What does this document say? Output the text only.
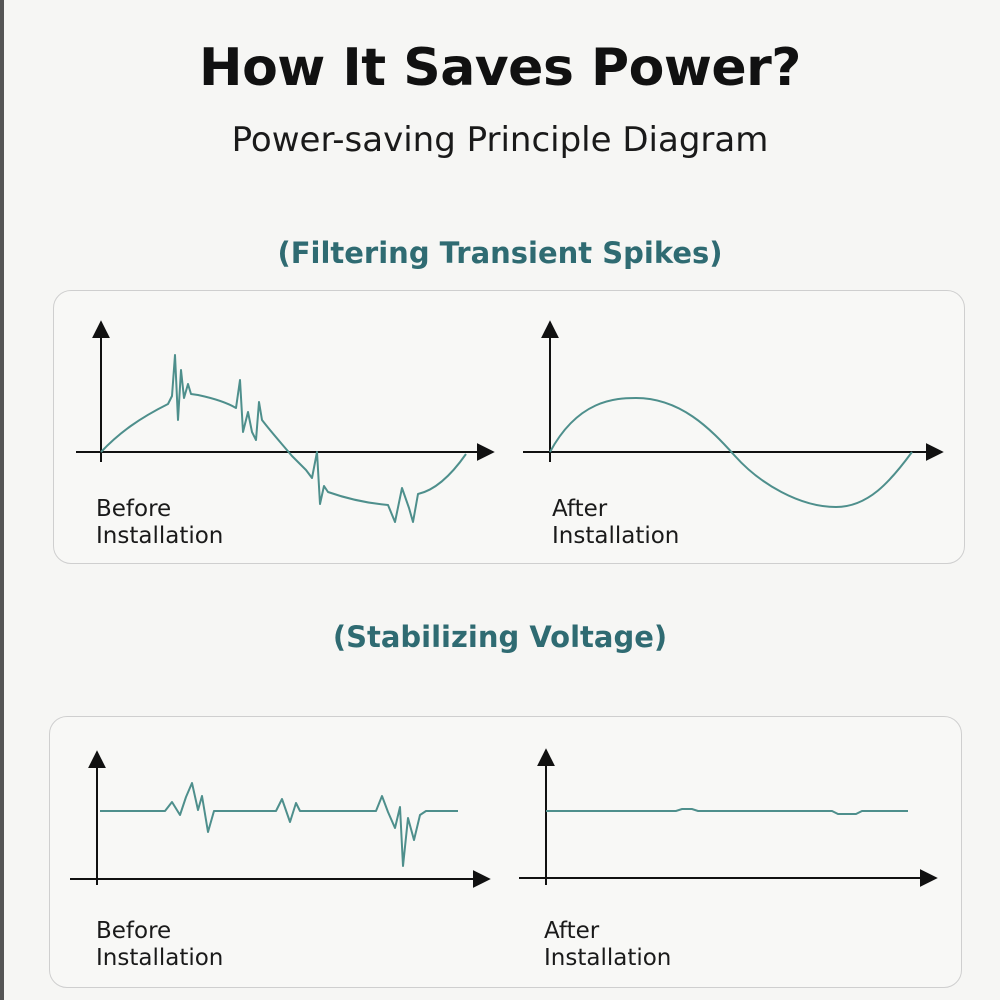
How It Saves Power?
Power-saving Principle Diagram
(Filtering Transient Spikes)
(Stabilizing Voltage)
Before
Installation
After
Installation
Before
Installation
After
Installation
